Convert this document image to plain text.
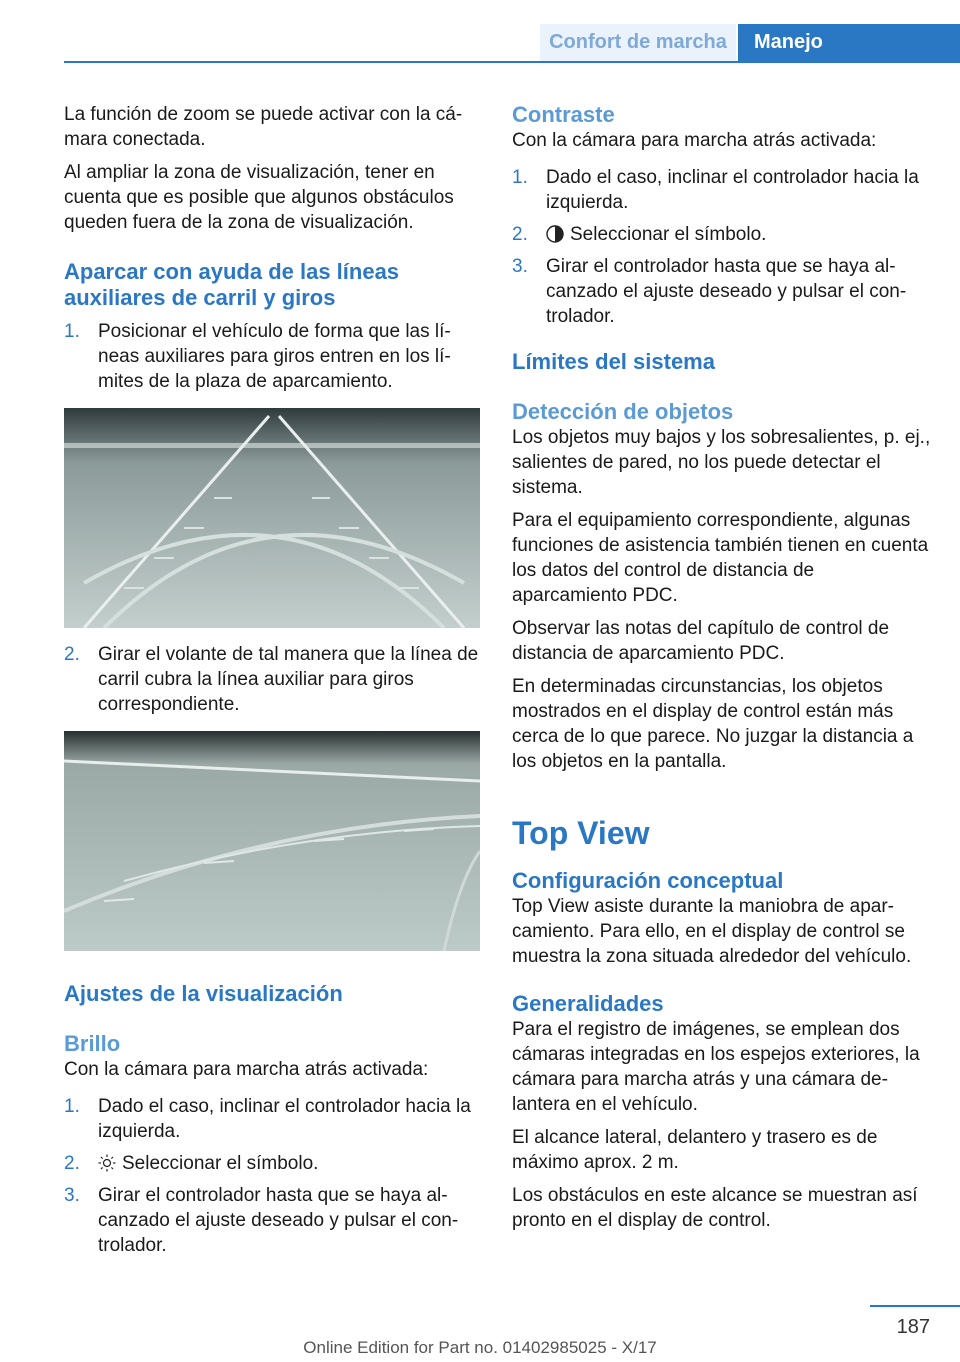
Confort de marcha	Manejo

La función de zoom se puede activar con la cámara conectada.

Al ampliar la zona de visualización, tener en cuenta que es posible que algunos obstáculos queden fuera de la zona de visualización.

Aparcar con ayuda de las líneas auxiliares de carril y giros
1. Posicionar el vehículo de forma que las líneas auxiliares para giros entren en los límites de la plaza de aparcamiento.
2. Girar el volante de tal manera que la línea de carril cubra la línea auxiliar para giros correspondiente.
Ajustes de la visualización
Brillo

Con la cámara para marcha atrás activada:

1. Dado el caso, inclinar el controlador hacia la izquierda.
2.	Seleccionar el símbolo.
3. Girar el controlador hasta que se haya alcanzado el ajuste deseado y pulsar el controlador.
Contraste

Con la cámara para marcha atrás activada:

1. Dado el caso, inclinar el controlador hacia la izquierda.
2.	Seleccionar el símbolo.
3. Girar el controlador hasta que se haya alcanzado el ajuste deseado y pulsar el controlador.
Límites del sistema
Detección de objetos

Los objetos muy bajos y los sobresalientes, p. ej., salientes de pared, no los puede detectar el sistema.

Para el equipamiento correspondiente, algunas funciones de asistencia también tienen en cuenta los datos del control de distancia de aparcamiento PDC.

Observar las notas del capítulo de control de distancia de aparcamiento PDC.

En determinadas circunstancias, los objetos mostrados en el display de control están más cerca de lo que parece. No juzgar la distancia a los objetos en la pantalla.

Top View
Configuración conceptual

Top View asiste durante la maniobra de aparcamiento. Para ello, en el display de control se muestra la zona situada alrededor del vehículo.

Generalidades

Para el registro de imágenes, se emplean dos cámaras integradas en los espejos exteriores, la cámara para marcha atrás y una cámara delantera en el vehículo.

El alcance lateral, delantero y trasero es de máximo aprox. 2 m.

Los obstáculos en este alcance se muestran así pronto en el display de control.

187
Online Edition for Part no. 01402985025 - X/17
